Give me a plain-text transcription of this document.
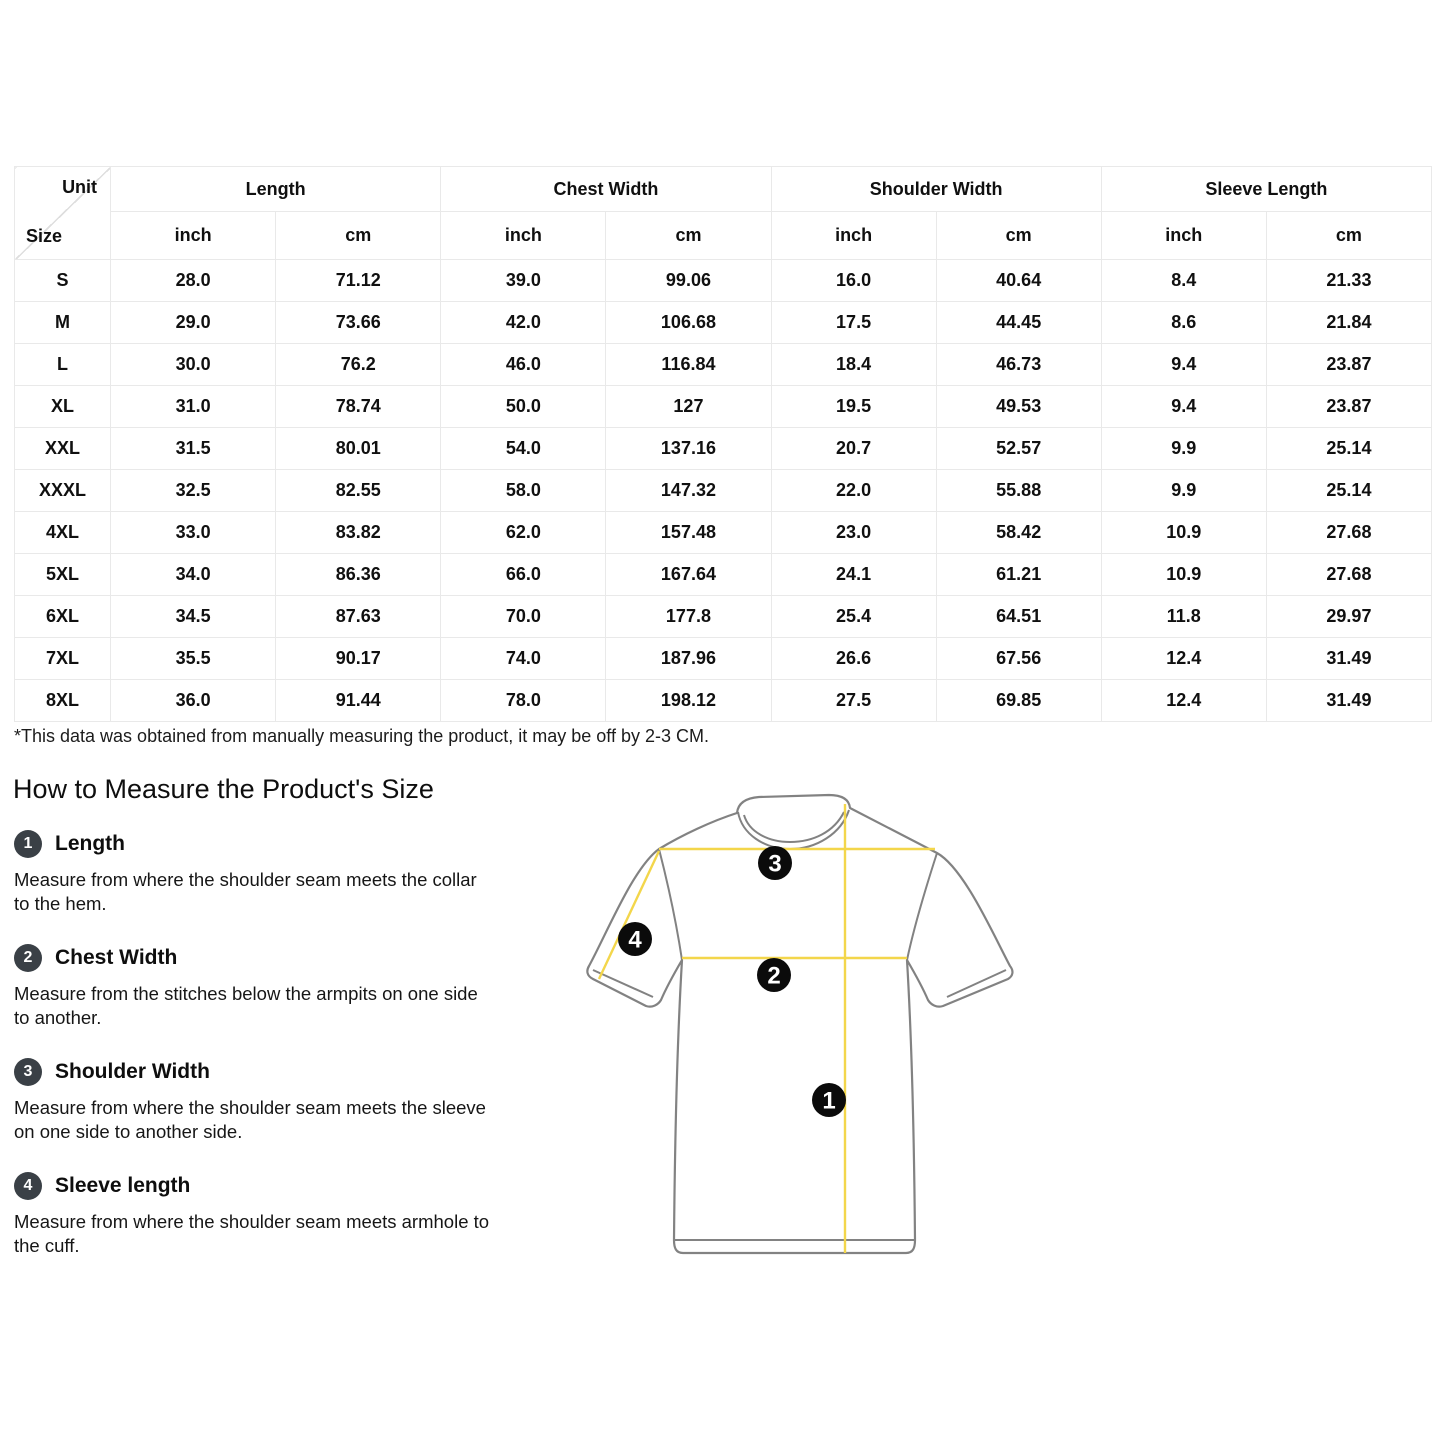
Unit
Size	Length		Chest Width		Shoulder Width		Sleeve Length	
	inch	cm	inch	cm	inch	cm	inch	cm
S	28.0	71.12	39.0	99.06	16.0	40.64	8.4	21.33
M	29.0	73.66	42.0	106.68	17.5	44.45	8.6	21.84
L	30.0	76.2	46.0	116.84	18.4	46.73	9.4	23.87
XL	31.0	78.74	50.0	127	19.5	49.53	9.4	23.87
XXL	31.5	80.01	54.0	137.16	20.7	52.57	9.9	25.14
XXXL	32.5	82.55	58.0	147.32	22.0	55.88	9.9	25.14
4XL	33.0	83.82	62.0	157.48	23.0	58.42	10.9	27.68
5XL	34.0	86.36	66.0	167.64	24.1	61.21	10.9	27.68
6XL	34.5	87.63	70.0	177.8	25.4	64.51	11.8	29.97
7XL	35.5	90.17	74.0	187.96	26.6	67.56	12.4	31.49
8XL	36.0	91.44	78.0	198.12	27.5	69.85	12.4	31.49

*This data was obtained from manually measuring the product, it may be off by 2-3 CM.

How to Measure the Product's Size
1	Length

Measure from where the shoulder seam meets the collar to the hem.

2	Chest Width

Measure from the stitches below the armpits on one side to another.

3	Shoulder Width

Measure from where the shoulder seam meets the sleeve on one side to another side.

4	Sleeve length

Measure from where the shoulder seam meets armhole to the cuff.

3
4
2
1
